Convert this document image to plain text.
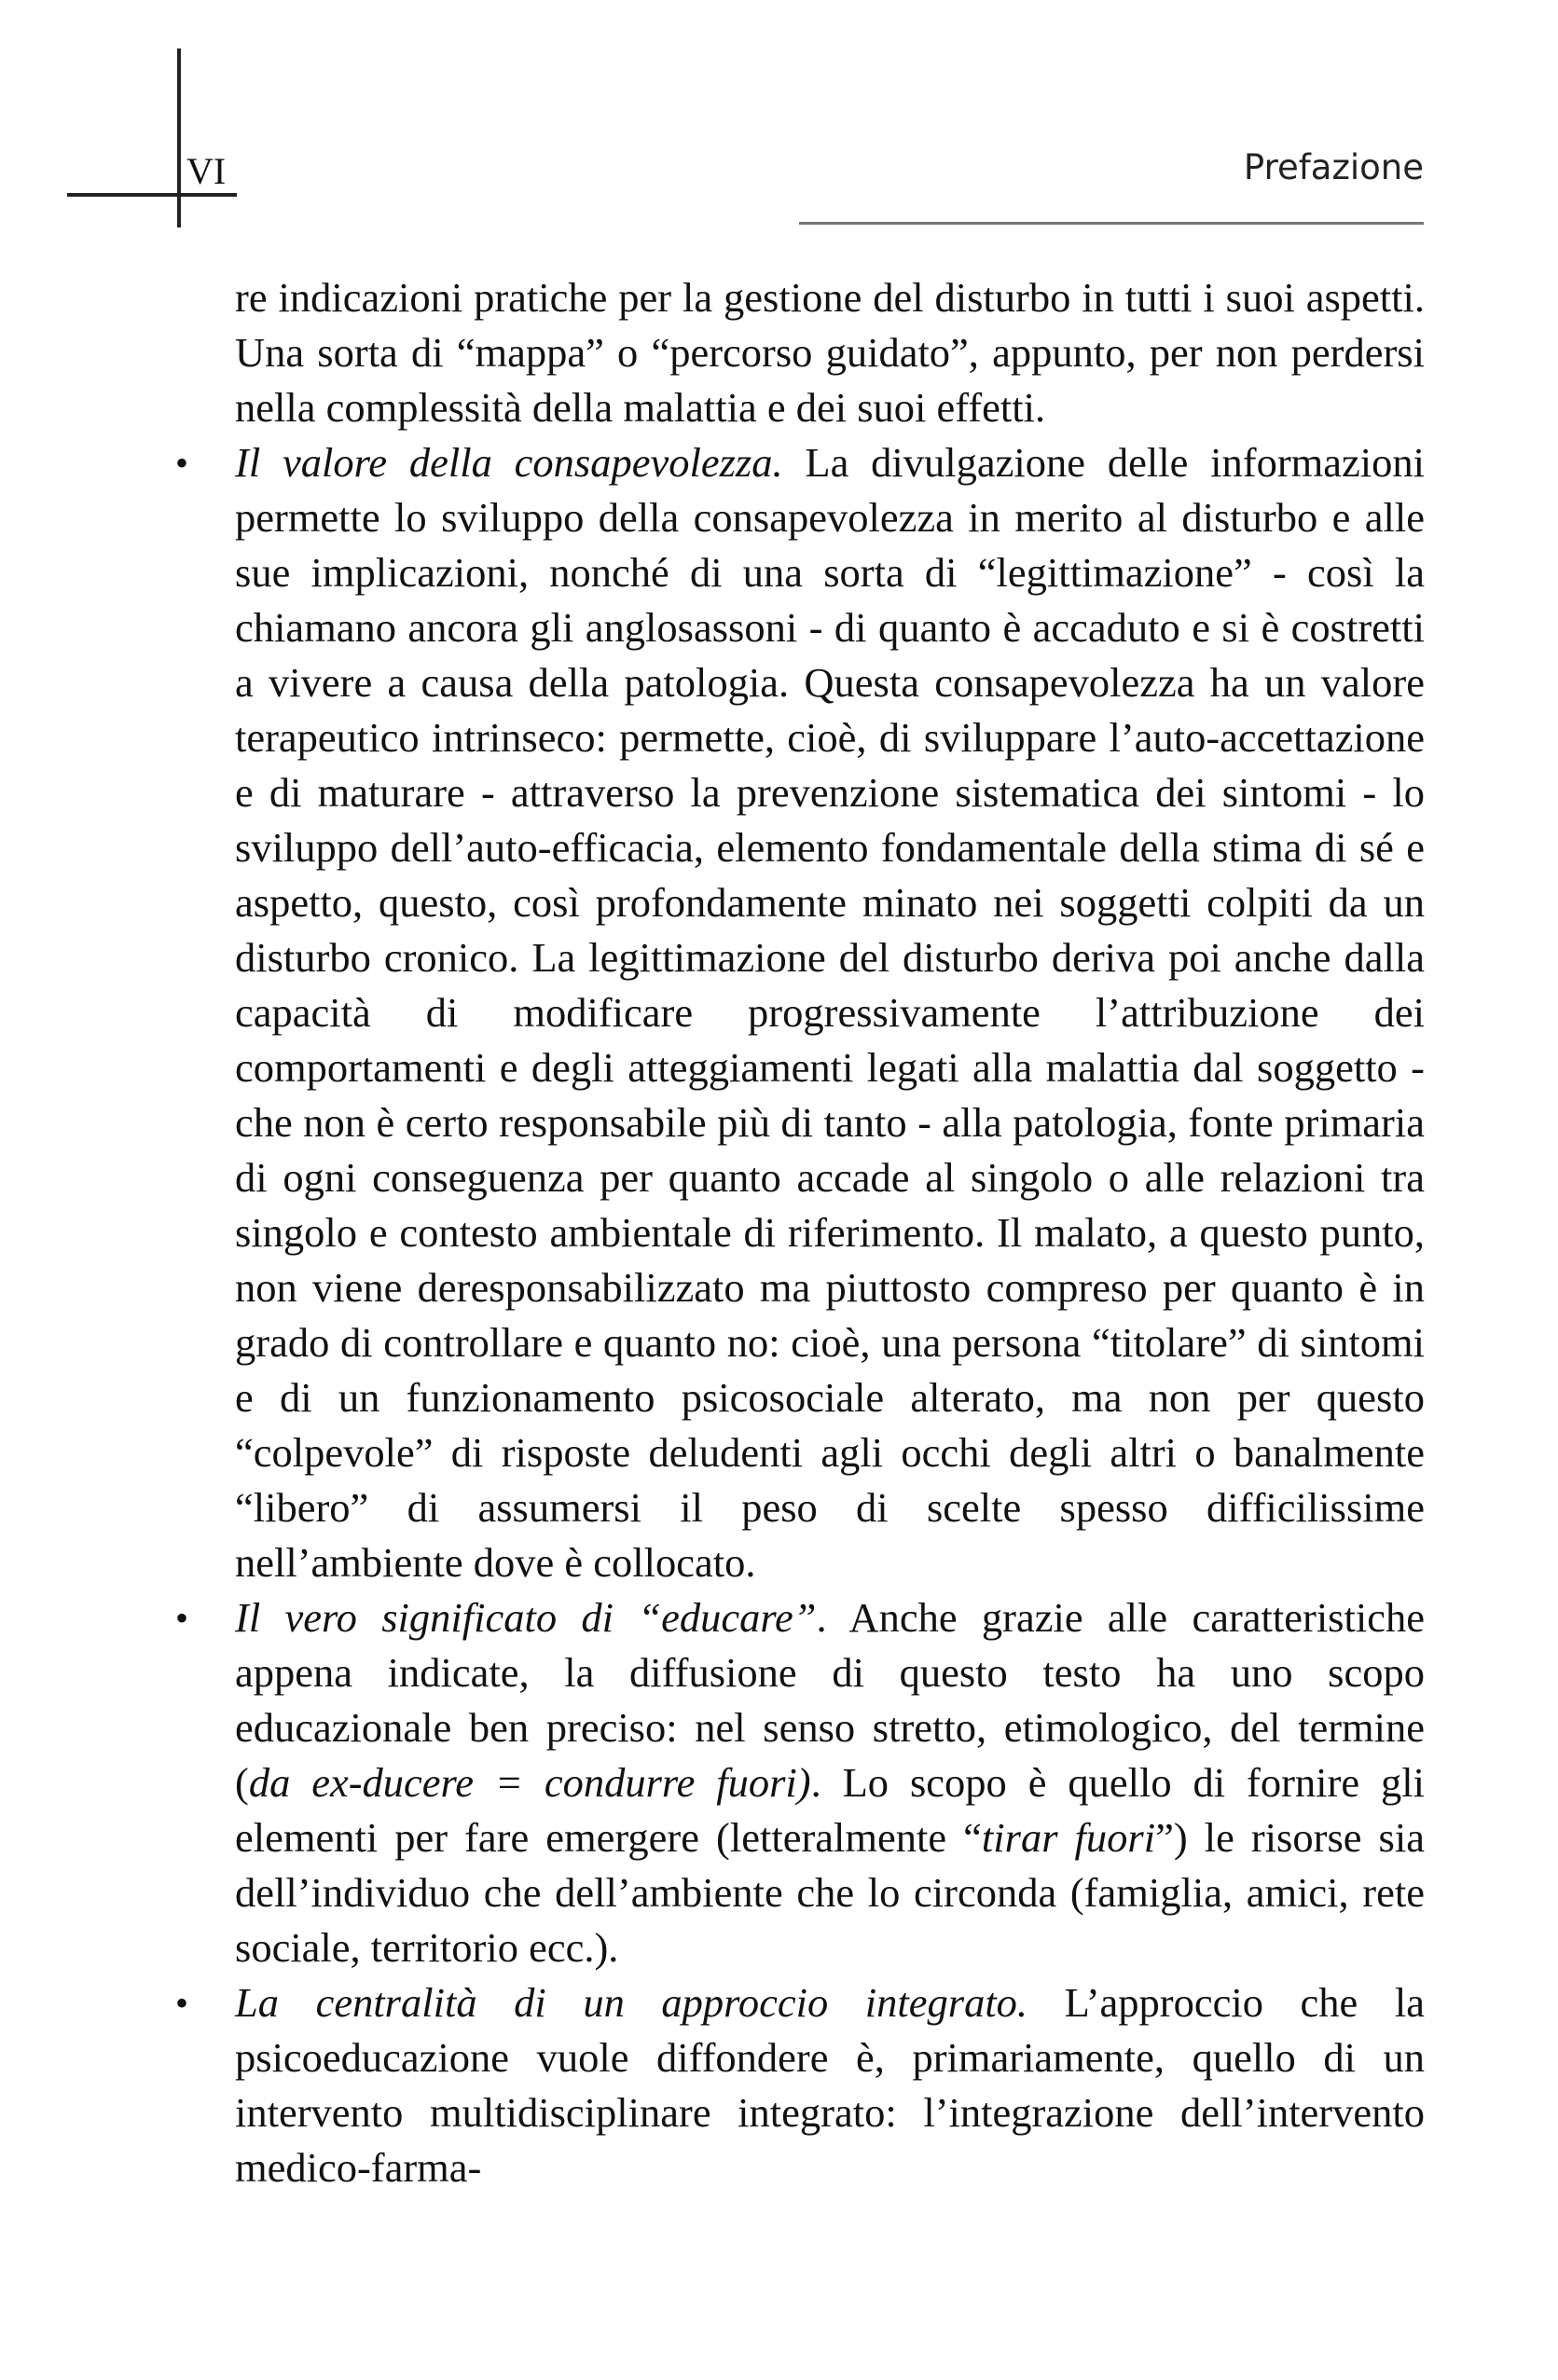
VI	Prefazione

re indicazioni pratiche per la gestione del disturbo in tutti i suoi aspetti. Una sorta di “mappa” o “percorso guidato”, appunto, per non perdersi nella complessità della malattia e dei suoi effetti.

• Il valore della consapevolezza. La divulgazione delle informazioni permette lo sviluppo della consapevolezza in merito al disturbo e alle sue implicazioni, nonché di una sorta di “legittimazione” - così la chiamano ancora gli anglosassoni - di quanto è accaduto e si è costretti a vivere a causa della patologia. Questa consapevolezza ha un valore terapeutico intrinseco: permette, cioè, di sviluppare l’auto-accettazione e di maturare - attraverso la prevenzione sistematica dei sintomi - lo sviluppo dell’auto-efficacia, elemento fondamentale della stima di sé e aspetto, questo, così profondamente minato nei soggetti colpiti da un disturbo cronico. La legittimazione del disturbo deriva poi anche dalla capacità di modificare progressivamente l’attribuzione dei comportamenti e degli atteggiamenti legati alla malattia dal soggetto - che non è certo responsabile più di tanto - alla patologia, fonte primaria di ogni conseguenza per quanto accade al singolo o alle relazioni tra singolo e contesto ambientale di riferimento. Il malato, a questo punto, non viene deresponsabilizzato ma piuttosto compreso per quanto è in grado di controllare e quanto no: cioè, una persona “titolare” di sintomi e di un funzionamento psicosociale alterato, ma non per questo “colpevole” di risposte deludenti agli occhi degli altri o banalmente “libero” di assumersi il peso di scelte spesso difficilissime nell’ambiente dove è collocato.

• Il vero significato di “educare”. Anche grazie alle caratteristiche appena indicate, la diffusione di questo testo ha uno scopo educazionale ben preciso: nel senso stretto, etimologico, del termine (da ex-ducere = condurre fuori). Lo scopo è quello di fornire gli elementi per fare emergere (letteralmente “tirar fuori”) le risorse sia dell’individuo che dell’ambiente che lo circonda (famiglia, amici, rete sociale, territorio ecc.).

• La centralità di un approccio integrato. L’approccio che la psicoeducazione vuole diffondere è, primariamente, quello di un intervento multidisciplinare integrato: l’integrazione dell’intervento medico-farma-
